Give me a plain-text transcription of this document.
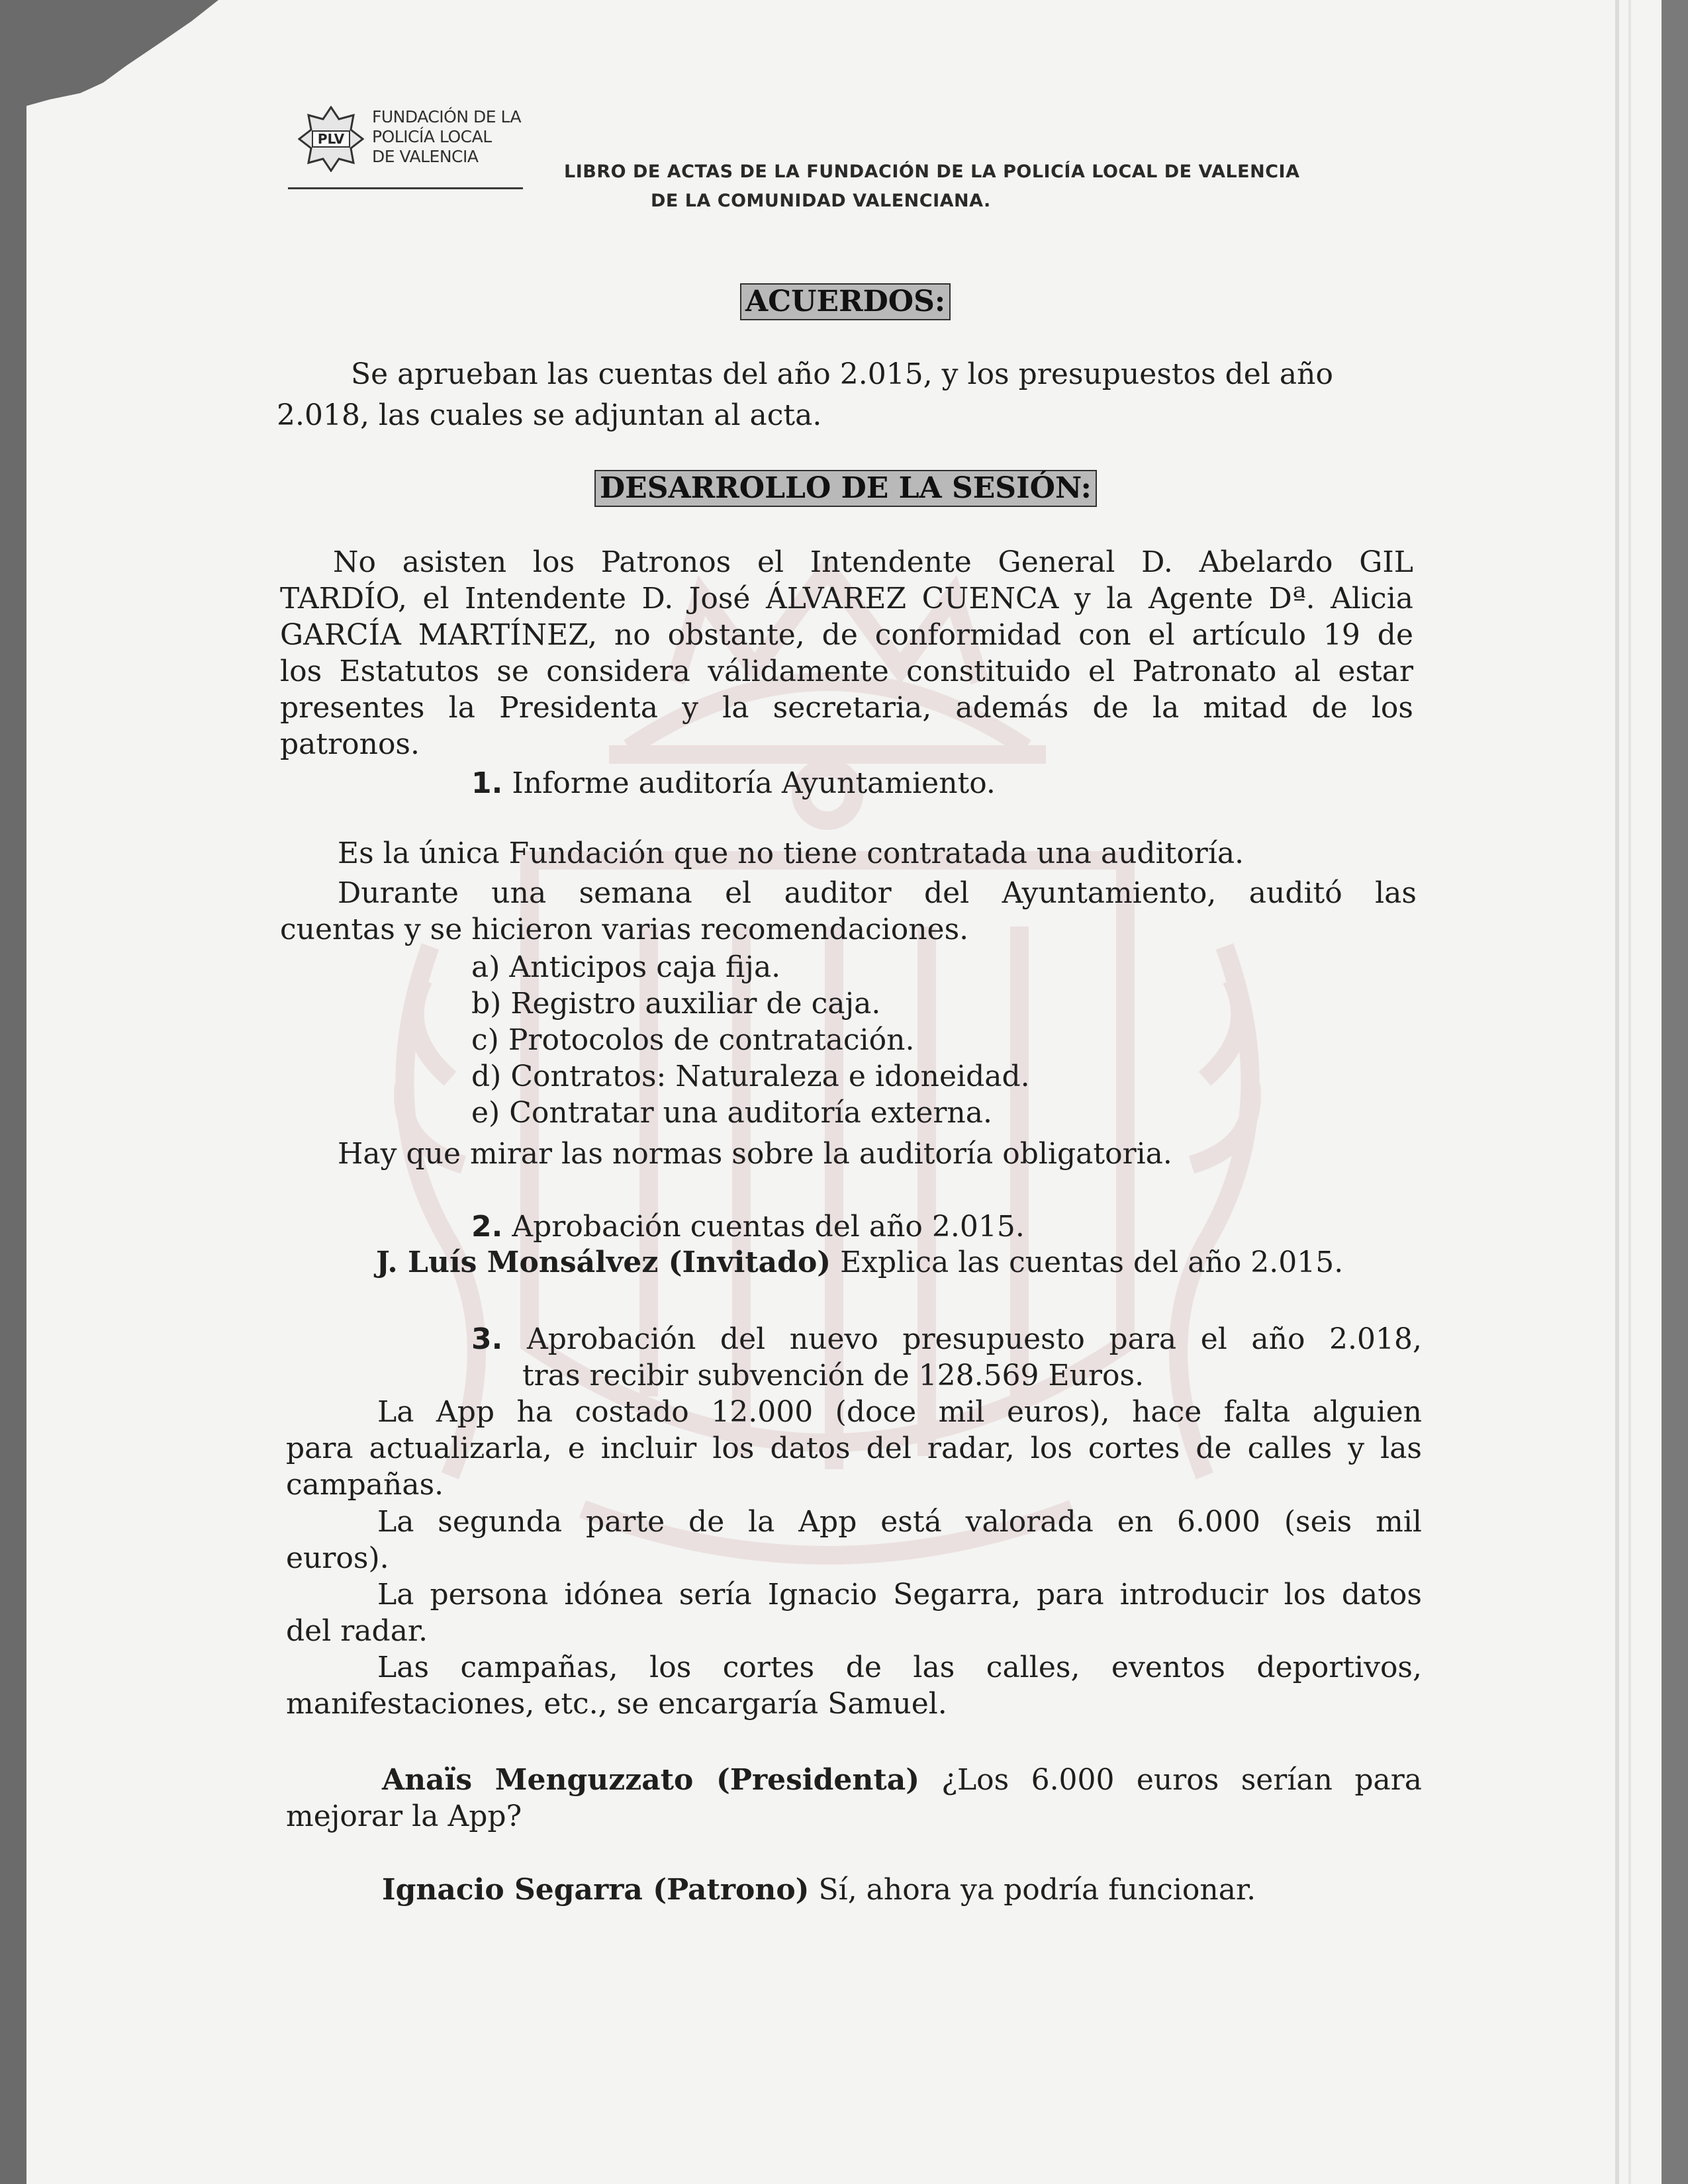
PLV
FUNDACIÓN DE LA
POLICÍA LOCAL
DE VALENCIA
LIBRO DE ACTAS DE LA FUNDACIÓN DE LA POLICÍA LOCAL DE VALENCIA
DE LA COMUNIDAD VALENCIANA.
ACUERDOS:
Se aprueban las cuentas del año 2.015, y los presupuestos del año
2.018, las cuales se adjuntan al acta.
DESARROLLO DE LA SESIÓN:
No asisten los Patronos el Intendente General D. Abelardo GIL
TARDÍO, el Intendente D. José ÁLVAREZ CUENCA y la Agente Dª. Alicia
GARCÍA MARTÍNEZ, no obstante, de conformidad con el artículo 19 de
los Estatutos se considera válidamente constituido el Patronato al estar
presentes la Presidenta y la secretaria, además de la mitad de los
patronos.
1. Informe auditoría Ayuntamiento.
Es la única Fundación que no tiene contratada una auditoría.
Durante una semana el auditor del Ayuntamiento, auditó las
cuentas y se hicieron varias recomendaciones.
a) Anticipos caja fija.
b) Registro auxiliar de caja.
c) Protocolos de contratación.
d) Contratos: Naturaleza e idoneidad.
e) Contratar una auditoría externa.
Hay que mirar las normas sobre la auditoría obligatoria.
2. Aprobación cuentas del año 2.015.
J. Luís Monsálvez (Invitado) Explica las cuentas del año 2.015.
3. Aprobación del nuevo presupuesto para el año 2.018,
tras recibir subvención de 128.569 Euros.
La App ha costado 12.000 (doce mil euros), hace falta alguien
para actualizarla, e incluir los datos del radar, los cortes de calles y las
campañas.
La segunda parte de la App está valorada en 6.000 (seis mil
euros).
La persona idónea sería Ignacio Segarra, para introducir los datos
del radar.
Las campañas, los cortes de las calles, eventos deportivos,
manifestaciones, etc., se encargaría Samuel.
Anaïs Menguzzato (Presidenta) ¿Los 6.000 euros serían para
mejorar la App?
Ignacio Segarra (Patrono) Sí, ahora ya podría funcionar.
